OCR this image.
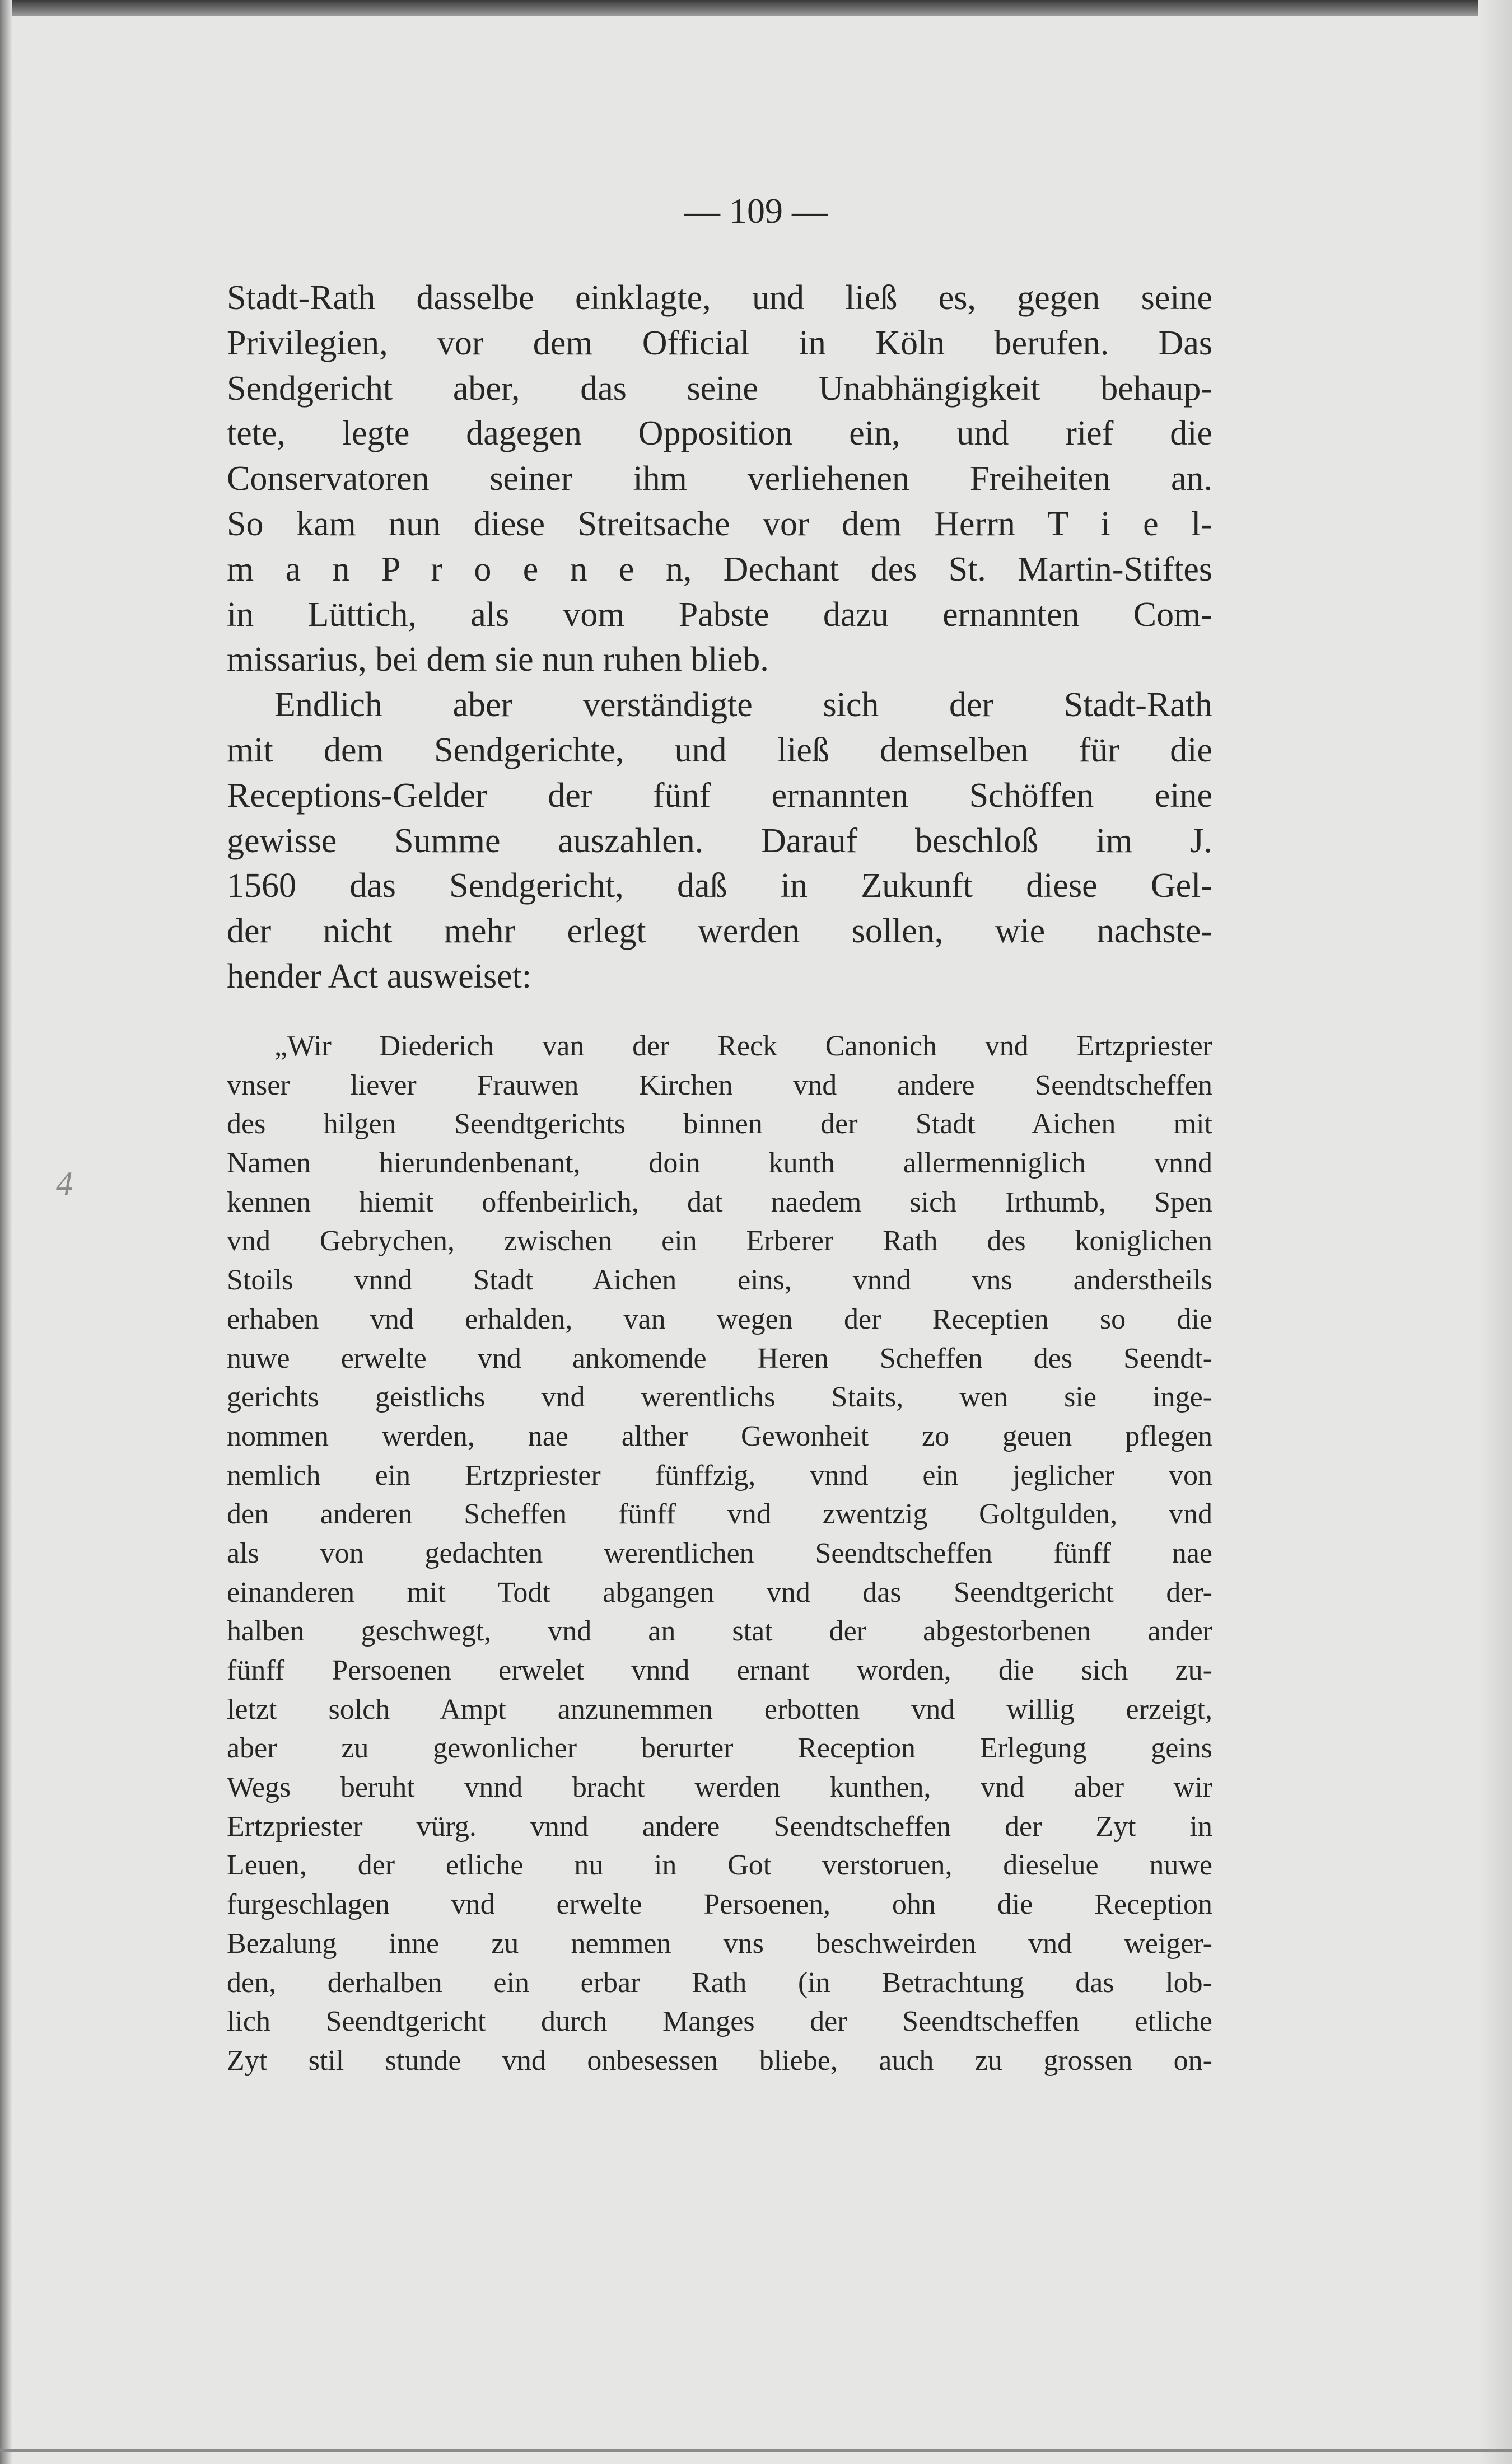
— 109 —
4
Stadt-Rath dasselbe einklagte, und ließ es, gegen seine
Privilegien, vor dem Official in Köln berufen. Das
Sendgericht aber, das seine Unabhängigkeit behaup-
tete, legte dagegen Opposition ein, und rief die
Conservatoren seiner ihm verliehenen Freiheiten an.
So kam nun diese Streitsache vor dem Herrn T i e l-
m a n P r o e n e n, Dechant des St. Martin-Stiftes
in Lüttich, als vom Pabste dazu ernannten Com-
missarius, bei dem sie nun ruhen blieb.
Endlich aber verständigte sich der Stadt-Rath
mit dem Sendgerichte, und ließ demselben für die
Receptions-Gelder der fünf ernannten Schöffen eine
gewisse Summe auszahlen. Darauf beschloß im J.
1560 das Sendgericht, daß in Zukunft diese Gel-
der nicht mehr erlegt werden sollen, wie nachste-
hender Act ausweiset:
„Wir Diederich van der Reck Canonich vnd Ertzpriester
vnser liever Frauwen Kirchen vnd andere Seendtscheffen
des hilgen Seendtgerichts binnen der Stadt Aichen mit
Namen hierundenbenant, doin kunth allermenniglich vnnd
kennen hiemit offenbeirlich, dat naedem sich Irthumb, Spen
vnd Gebrychen, zwischen ein Erberer Rath des koniglichen
Stoils vnnd Stadt Aichen eins, vnnd vns anderstheils
erhaben vnd erhalden, van wegen der Receptien so die
nuwe erwelte vnd ankomende Heren Scheffen des Seendt-
gerichts geistlichs vnd werentlichs Staits, wen sie inge-
nommen werden, nae alther Gewonheit zo geuen pflegen
nemlich ein Ertzpriester fünffzig, vnnd ein jeglicher von
den anderen Scheffen fünff vnd zwentzig Goltgulden, vnd
als von gedachten werentlichen Seendtscheffen fünff nae
einanderen mit Todt abgangen vnd das Seendtgericht der-
halben geschwegt, vnd an stat der abgestorbenen ander
fünff Persoenen erwelet vnnd ernant worden, die sich zu-
letzt solch Ampt anzunemmen erbotten vnd willig erzeigt,
aber zu gewonlicher berurter Reception Erlegung geins
Wegs beruht vnnd bracht werden kunthen, vnd aber wir
Ertzpriester vürg. vnnd andere Seendtscheffen der Zyt in
Leuen, der etliche nu in Got verstoruen, dieselue nuwe
furgeschlagen vnd erwelte Persoenen, ohn die Reception
Bezalung inne zu nemmen vns beschweirden vnd weiger-
den, derhalben ein erbar Rath (in Betrachtung das lob-
lich Seendtgericht durch Manges der Seendtscheffen etliche
Zyt stil stunde vnd onbesessen bliebe, auch zu grossen on-
